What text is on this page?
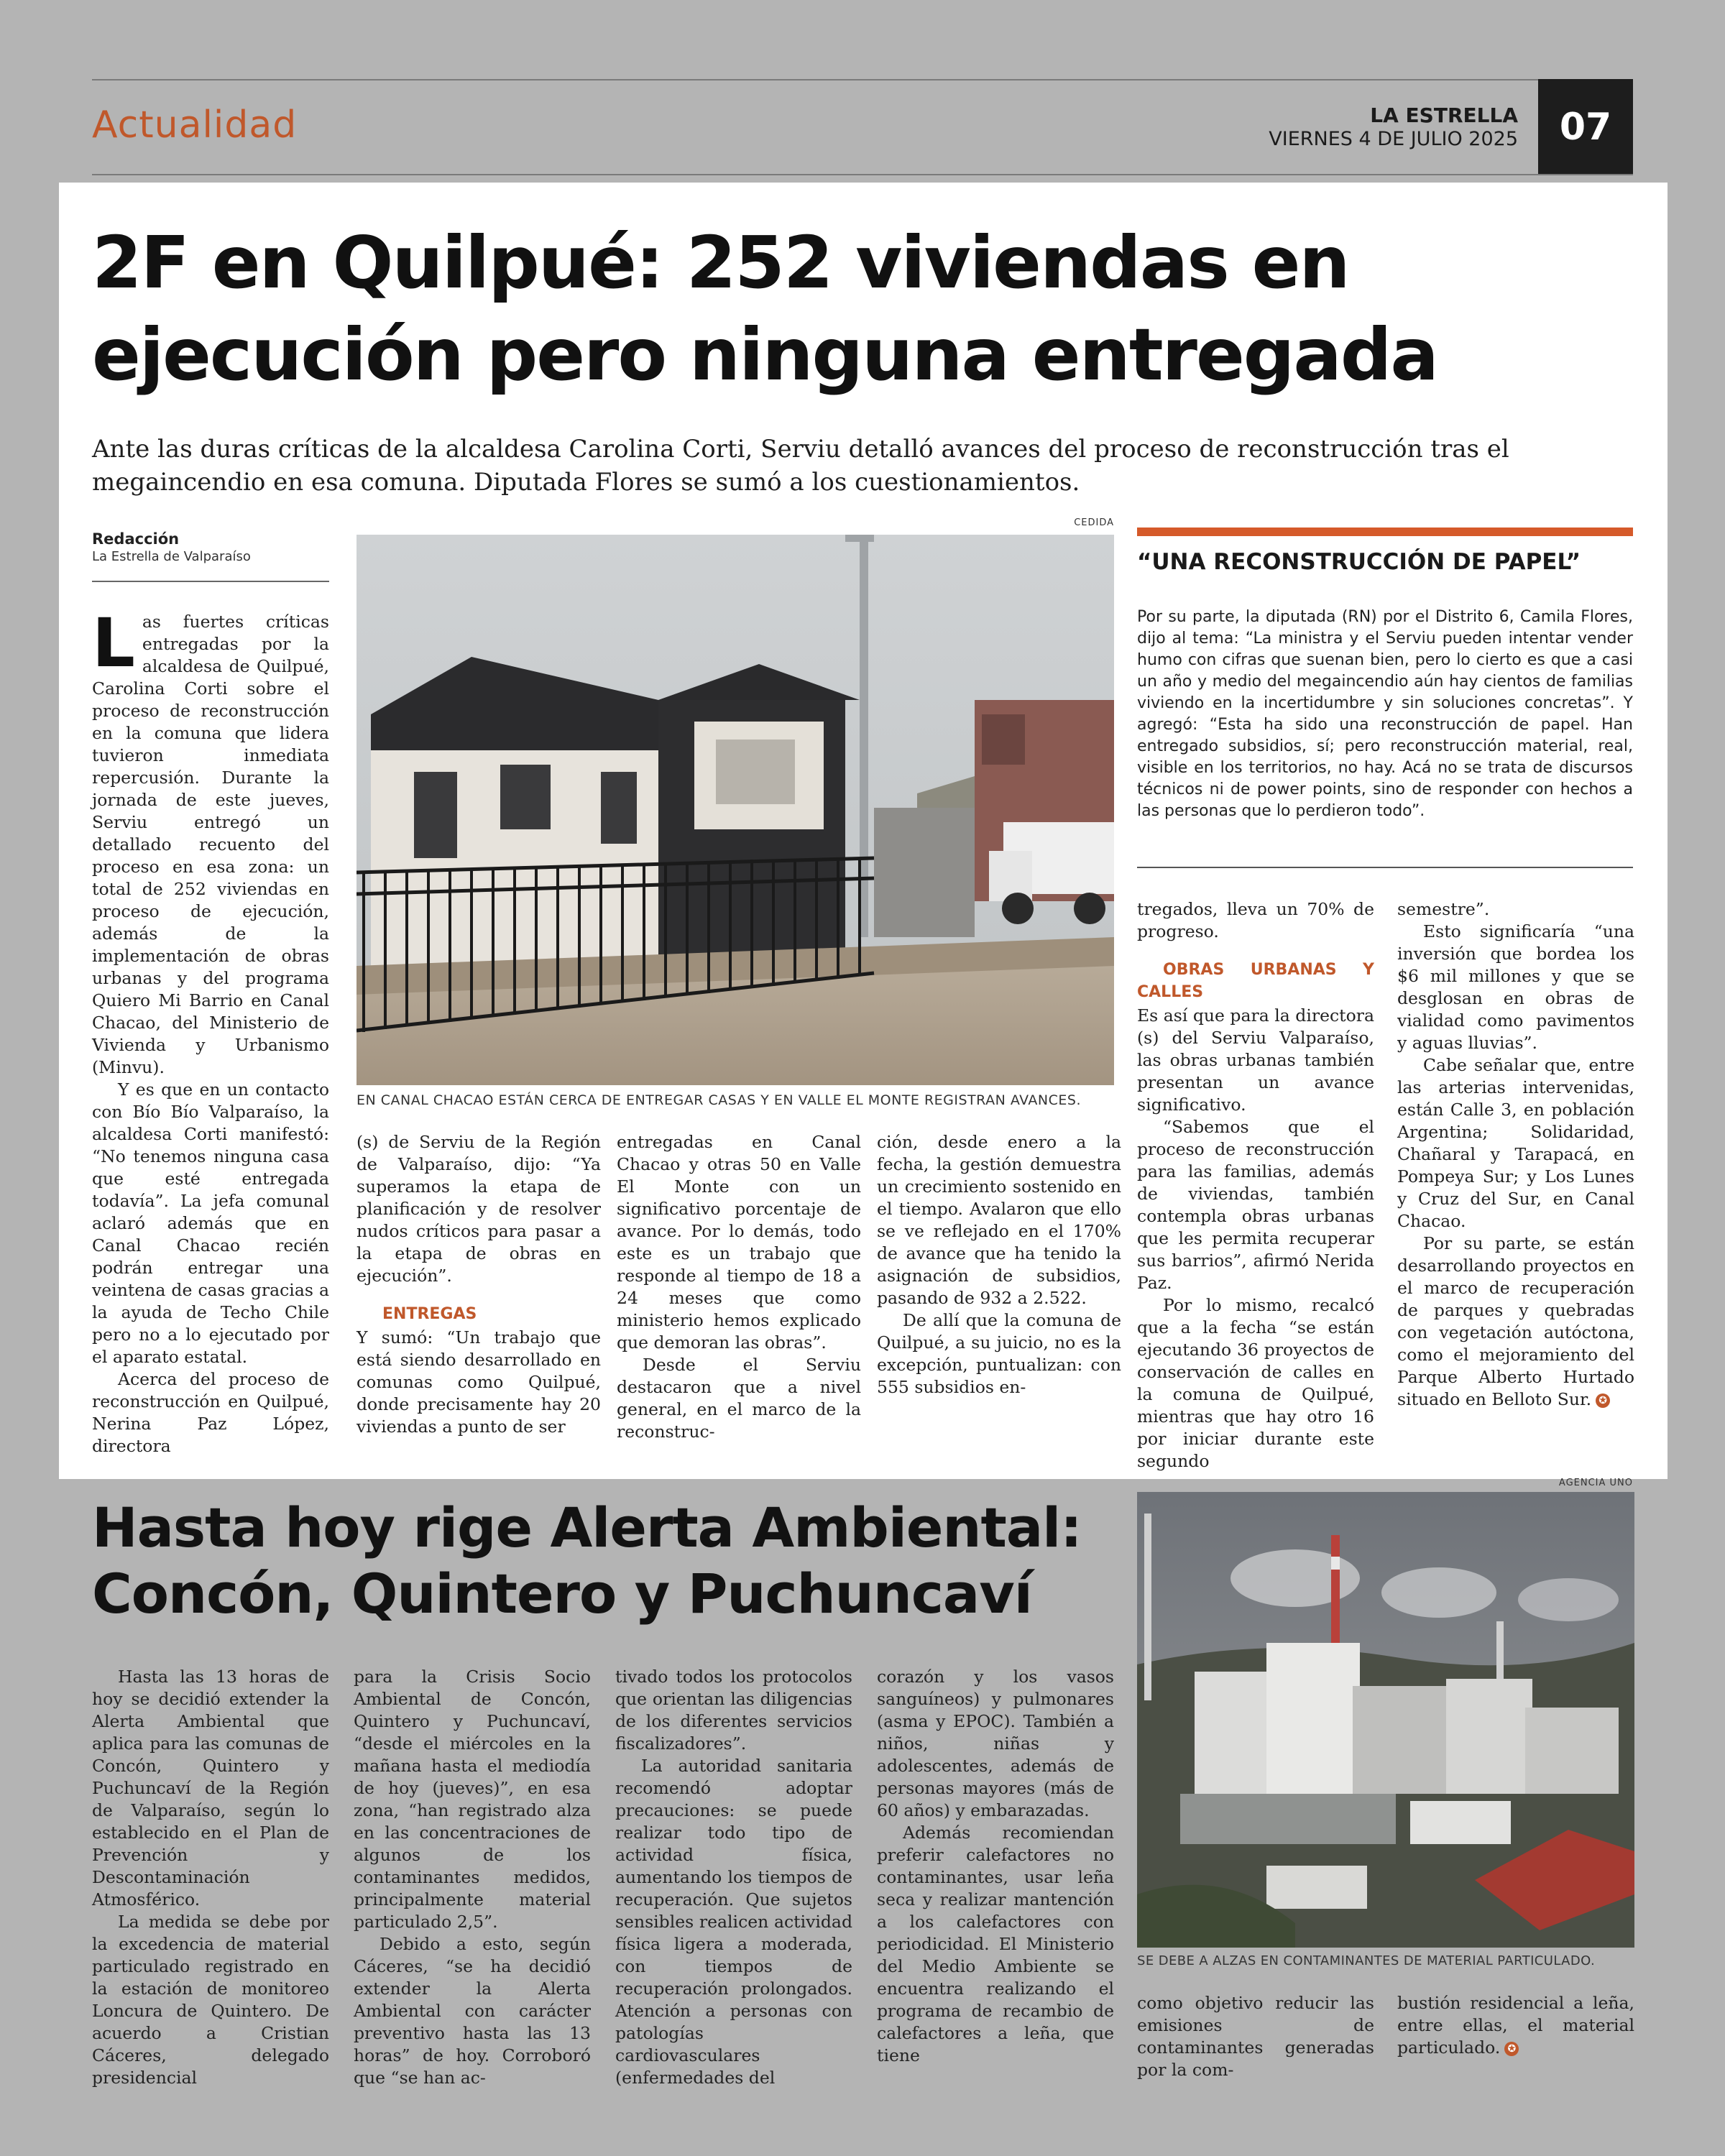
Actualidad	LA ESTRELLA
VIERNES 4 DE JULIO 2025	07
2F en Quilpué: 252 viviendas en ejecución pero ninguna entregada
Ante las duras críticas de la alcaldesa Carolina Corti, Serviu detalló avances del proceso de reconstrucción tras el megaincendio en esa comuna. Diputada Flores se sumó a los cuestionamientos.
Redacción
La Estrella de Valparaíso

Las fuertes críticas entregadas por la alcaldesa de Quilpué, Carolina Corti sobre el proceso de reconstrucción en la comuna que lidera tuvieron inmediata repercusión. Durante la jornada de este jueves, Serviu entregó un detallado recuento del proceso en esa zona: un total de 252 viviendas en proceso de ejecución, además de la implementación de obras urbanas y del programa Quiero Mi Barrio en Canal Chacao, del Ministerio de Vivienda y Urbanismo (Minvu).

Y es que en un contacto con Bío Bío Valparaíso, la alcaldesa Corti manifestó: “No tenemos ninguna casa que esté entregada todavía”. La jefa comunal aclaró además que en Canal Chacao recién podrán entregar una veintena de casas gracias a la ayuda de Techo Chile pero no a lo ejecutado por el aparato estatal.

Acerca del proceso de reconstrucción en Quilpué, Nerina Paz López, directora

CEDIDA
EN CANAL CHACAO ESTÁN CERCA DE ENTREGAR CASAS Y EN VALLE EL MONTE REGISTRAN AVANCES.
“UNA RECONSTRUCCIÓN DE PAPEL”
Por su parte, la diputada (RN) por el Distrito 6, Camila Flores, dijo al tema: “La ministra y el Serviu pueden intentar vender humo con cifras que suenan bien, pero lo cierto es que a casi un año y medio del megaincendio aún hay cientos de familias viviendo en la incertidumbre y sin soluciones concretas”. Y agregó: “Esta ha sido una reconstrucción de papel. Han entregado subsidios, sí; pero reconstrucción material, real, visible en los territorios, no hay. Acá no se trata de discursos técnicos ni de power points, sino de responder con hechos a las personas que lo perdieron todo”.

(s) de Serviu de la Región de Valparaíso, dijo: “Ya superamos la etapa de planificación y de resolver nudos críticos para pasar a la etapa de obras en ejecución”.

ENTREGAS

Y sumó: “Un trabajo que está siendo desarrollado en comunas como Quilpué, donde precisamente hay 20 viviendas a punto de ser

entregadas en Canal Chacao y otras 50 en Valle El Monte con un significativo porcentaje de avance. Por lo demás, todo este es un trabajo que responde al tiempo de 18 a 24 meses que como ministerio hemos explicado que demoran las obras”.

Desde el Serviu destacaron que a nivel general, en el marco de la reconstruc-

ción, desde enero a la fecha, la gestión demuestra un crecimiento sostenido en el tiempo. Avalaron que ello se ve reflejado en el 170% de avance que ha tenido la asignación de subsidios, pasando de 932 a 2.522.

De allí que la comuna de Quilpué, a su juicio, no es la excepción, puntualizan: con 555 subsidios en-

tregados, lleva un 70% de progreso.

OBRAS URBANAS Y CALLES

Es así que para la directora (s) del Serviu Valparaíso, las obras urbanas también presentan un avance significativo.

“Sabemos que el proceso de reconstrucción para las familias, además de viviendas, también contempla obras urbanas que les permita recuperar sus barrios”, afirmó Nerida Paz.

Por lo mismo, recalcó que a la fecha “se están ejecutando 36 proyectos de conservación de calles en la comuna de Quilpué, mientras que hay otro 16 por iniciar durante este segundo

semestre”.

Esto significaría “una inversión que bordea los $6 mil millones y que se desglosan en obras de vialidad como pavimentos y aguas lluvias”.

Cabe señalar que, entre las arterias intervenidas, están Calle 3, en población Argentina; Solidaridad, Chañaral y Tarapacá, en Pompeya Sur; y Los Lunes y Cruz del Sur, en Canal Chacao.

Por su parte, se están desarrollando proyectos en el marco de recuperación de parques y quebradas con vegetación autóctona, como el mejoramiento del Parque Alberto Hurtado situado en Belloto Sur. ✪

Hasta hoy rige Alerta Ambiental: Concón, Quintero y Puchuncaví

Hasta las 13 horas de hoy se decidió extender la Alerta Ambiental que aplica para las comunas de Concón, Quintero y Puchuncaví de la Región de Valparaíso, según lo establecido en el Plan de Prevención y Descontaminación Atmosférico.

La medida se debe por la excedencia de material particulado registrado en la estación de monitoreo Loncura de Quintero. De acuerdo a Cristian Cáceres, delegado presidencial

para la Crisis Socio Ambiental de Concón, Quintero y Puchuncaví, “desde el miércoles en la mañana hasta el mediodía de hoy (jueves)”, en esa zona, “han registrado alza en las concentraciones de algunos de los contaminantes medidos, principalmente material particulado 2,5”.

Debido a esto, según Cáceres, “se ha decidió extender la Alerta Ambiental con carácter preventivo hasta las 13 horas” de hoy. Corroboró que “se han ac-

tivado todos los protocolos que orientan las diligencias de los diferentes servicios fiscalizadores”.

La autoridad sanitaria recomendó adoptar precauciones: se puede realizar todo tipo de actividad física, aumentando los tiempos de recuperación. Que sujetos sensibles realicen actividad física ligera a moderada, con tiempos de recuperación prolongados. Atención a personas con patologías cardiovasculares (enfermedades del

corazón y los vasos sanguíneos) y pulmonares (asma y EPOC). También a niños, niñas y adolescentes, además de personas mayores (más de 60 años) y embarazadas.

Además recomiendan preferir calefactores no contaminantes, usar leña seca y realizar mantención a los calefactores con periodicidad. El Ministerio del Medio Ambiente se encuentra realizando el programa de recambio de calefactores a leña, que tiene

AGENCIA UNO
SE DEBE A ALZAS EN CONTAMINANTES DE MATERIAL PARTICULADO.

como objetivo reducir las emisiones de contaminantes generadas por la com-

bustión residencial a leña, entre ellas, el material particulado. ✪
